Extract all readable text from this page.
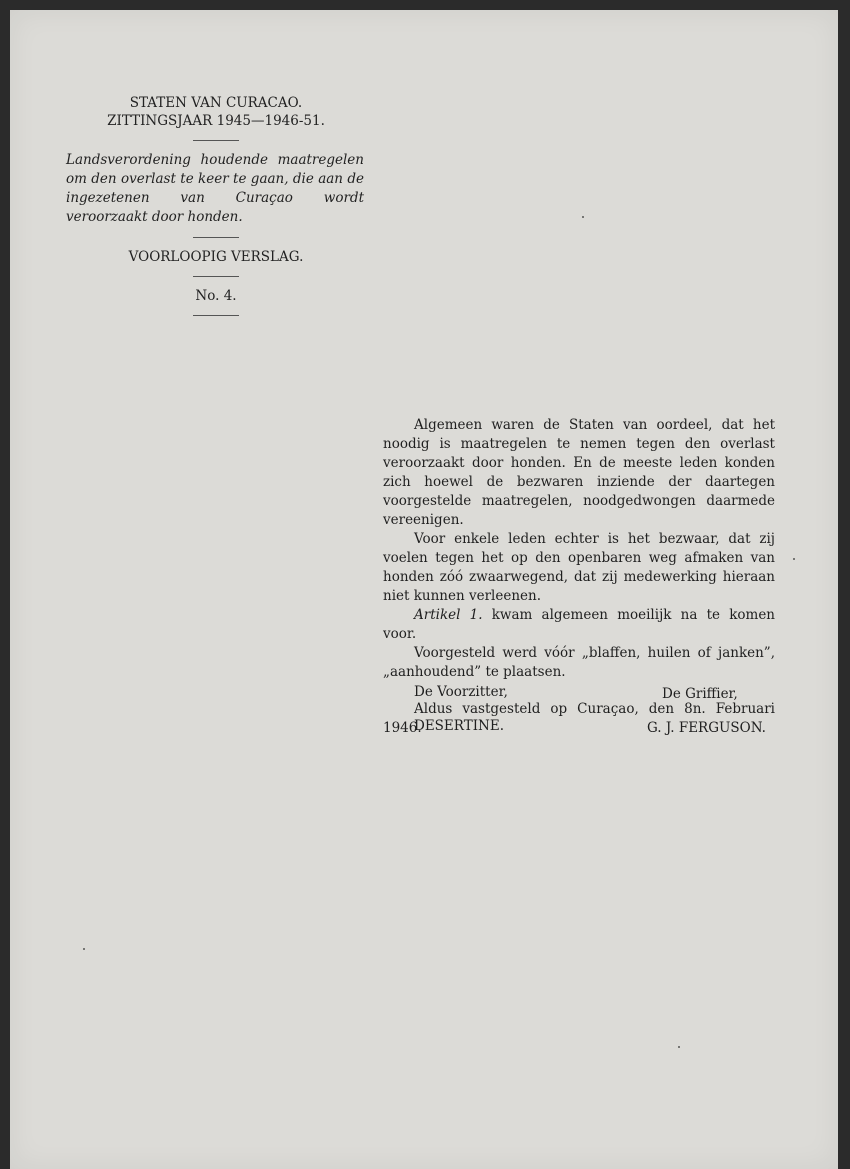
STATEN VAN CURACAO.
ZITTINGSJAAR 1945—1946-51.
Landsverordening houdende maatregelen om den overlast te keer te gaan, die aan de ingezetenen van Curaçao wordt veroorzaakt door honden.
VOORLOOPIG VERSLAG.
No. 4.

Algemeen waren de Staten van oordeel, dat het noodig is maatregelen te nemen tegen den overlast veroorzaakt door honden. En de meeste leden konden zich hoewel de bezwaren inziende der daartegen voorgestelde maatregelen, noodgedwongen daarmede vereenigen.

Voor enkele leden echter is het bezwaar, dat zij voelen tegen het op den openbaren weg afmaken van honden zóó zwaarwegend, dat zij medewerking hieraan niet kunnen verleenen.

Artikel 1. kwam algemeen moeilijk na te komen voor.

Voorgesteld werd vóór „blaffen, huilen of janken”, „aanhoudend” te plaatsen.

Aldus vastgesteld op Curaçao, den 8n. Februari 1946.

De Voorzitter,
DESERTINE.
De Griffier,
G. J. FERGUSON.
